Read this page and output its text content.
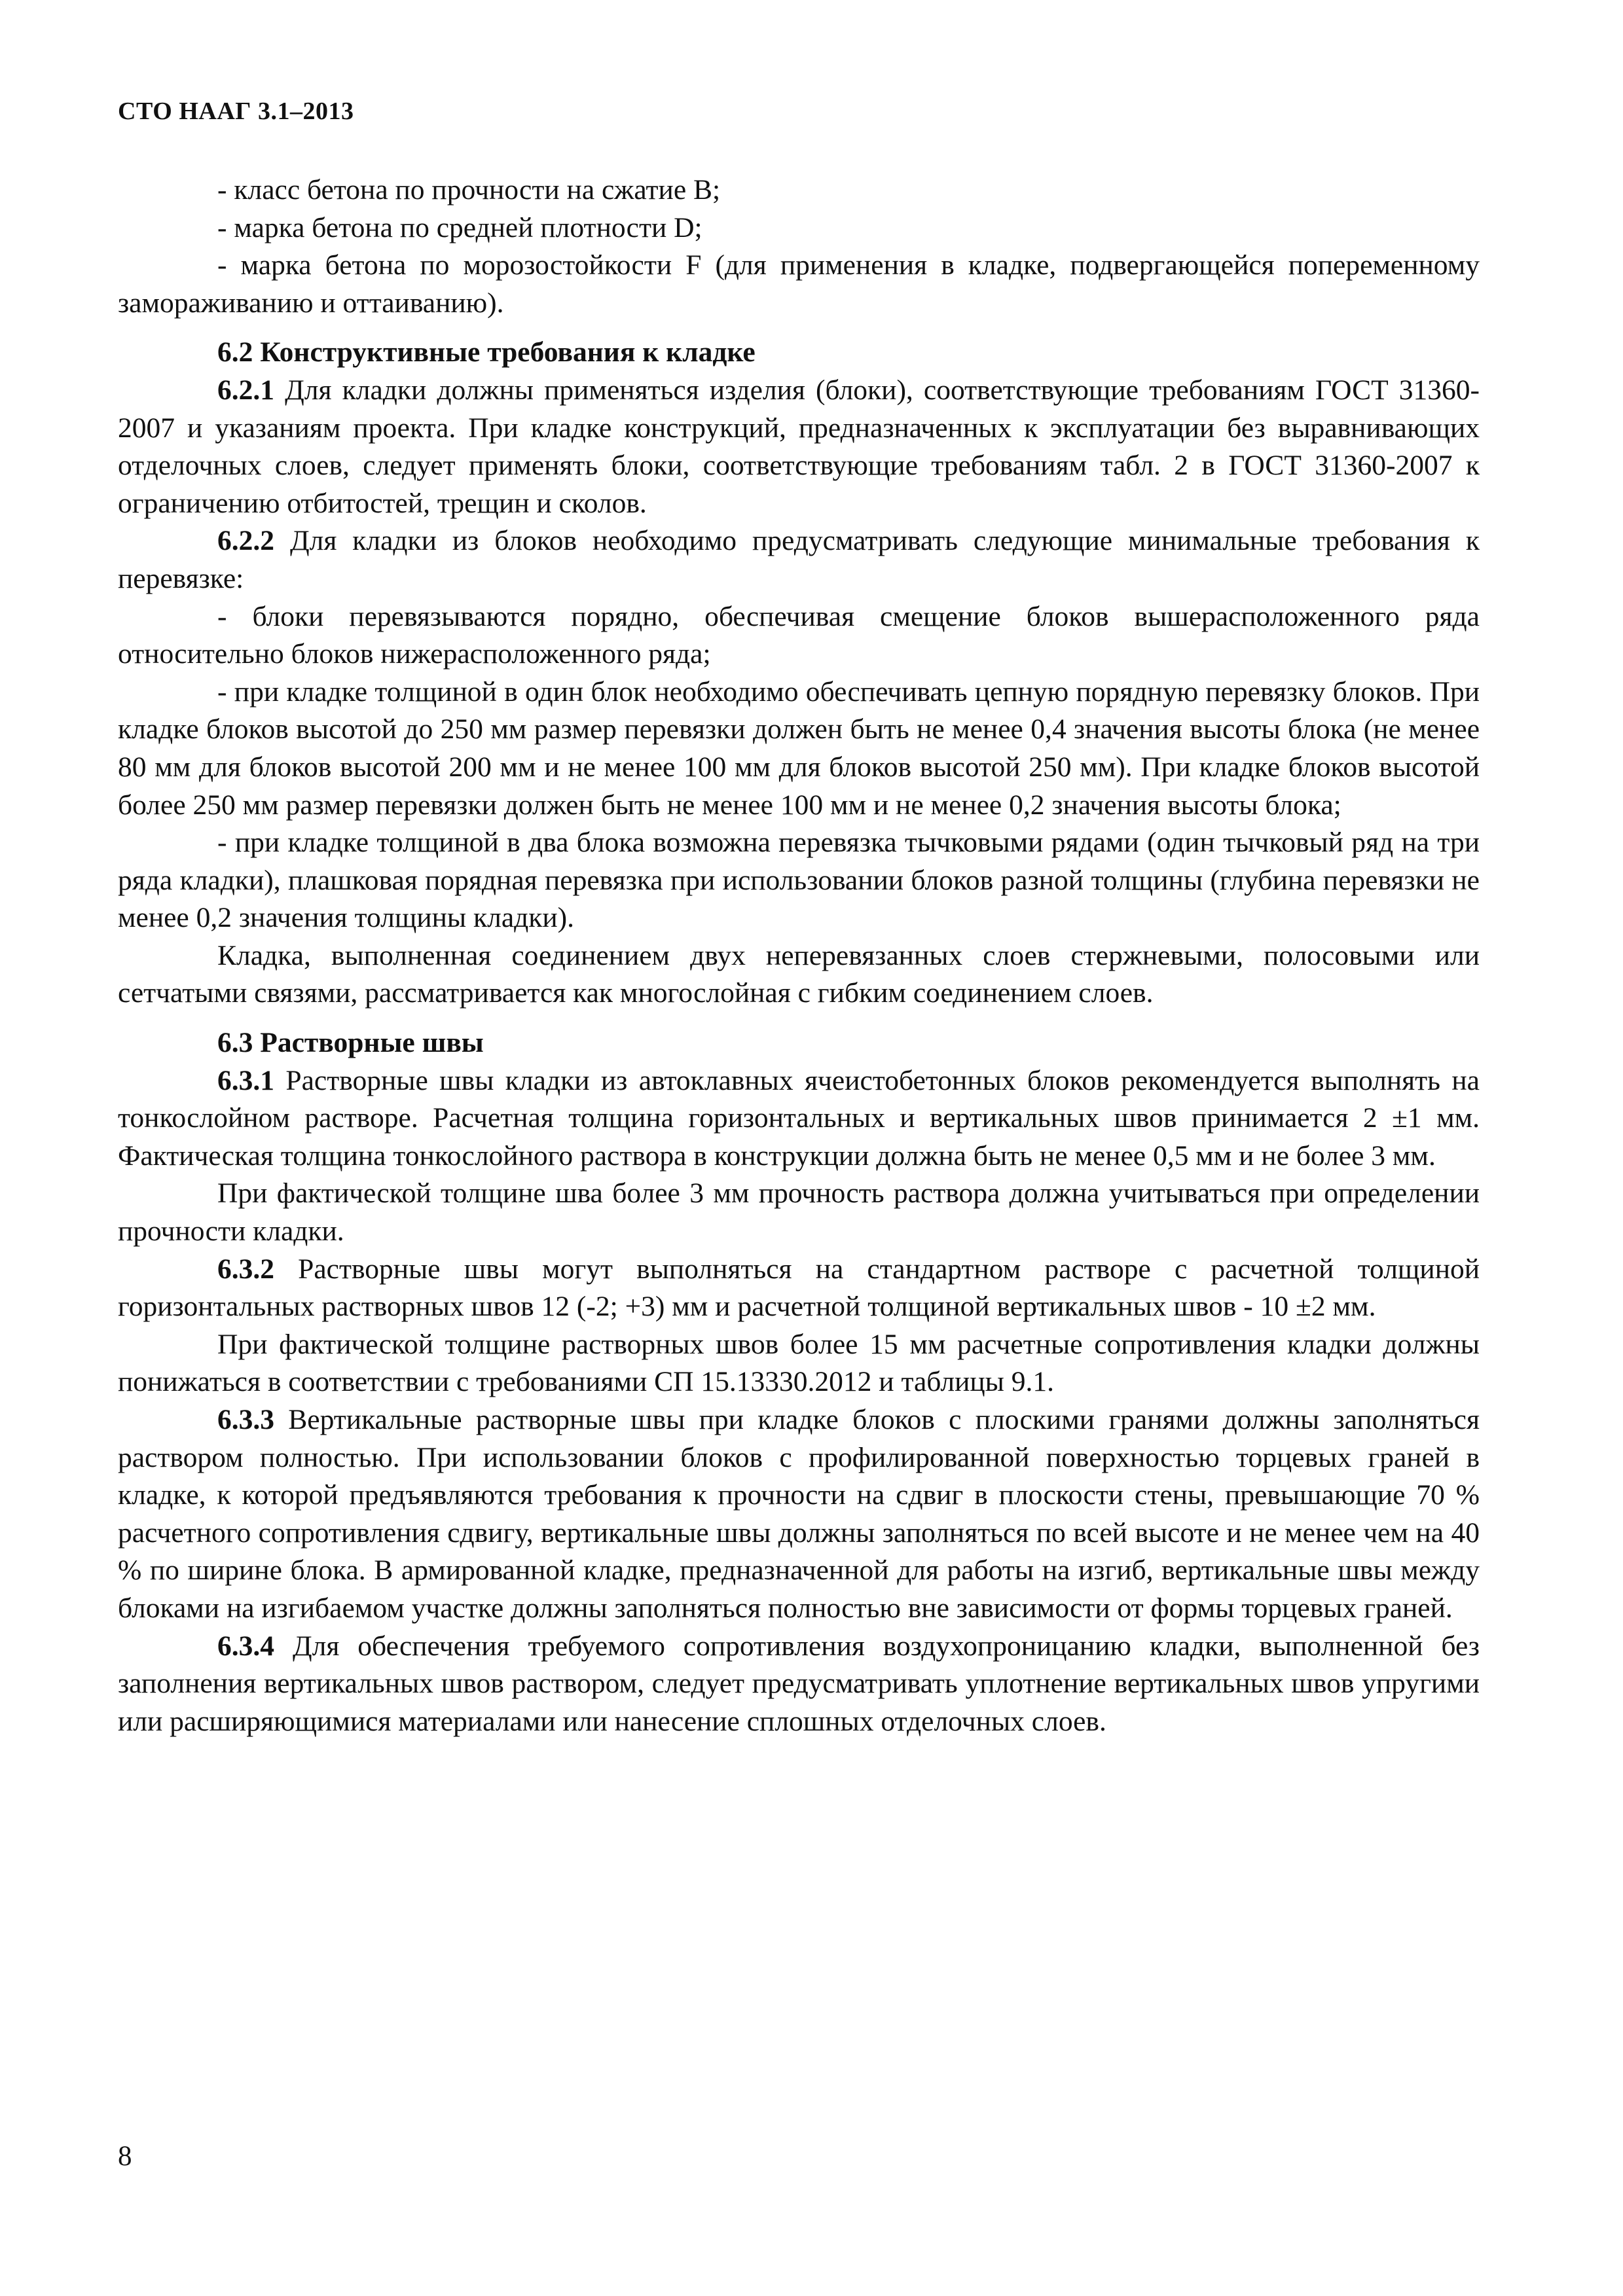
СТО НААГ 3.1–2013

- класс бетона по прочности на сжатие В;

- марка бетона по средней плотности D;

- марка бетона по морозостойкости F (для применения в кладке, подвергающейся попеременному замораживанию и оттаиванию).

6.2 Конструктивные требования к кладке

6.2.1 Для кладки должны применяться изделия (блоки), соответствующие требованиям ГОСТ 31360-2007 и указаниям проекта. При кладке конструкций, предназначенных к эксплуатации без выравнивающих отделочных слоев, следует применять блоки, соответствующие требованиям табл. 2 в ГОСТ 31360-2007 к ограничению отбитостей, трещин и сколов.

6.2.2 Для кладки из блоков необходимо предусматривать следующие минимальные требования к перевязке:

- блоки перевязываются порядно, обеспечивая смещение блоков вышерасположенного ряда относительно блоков нижерасположенного ряда;

- при кладке толщиной в один блок необходимо обеспечивать цепную порядную перевязку блоков. При кладке блоков высотой до 250 мм размер перевязки должен быть не менее 0,4 значения высоты блока (не менее 80 мм для блоков высотой 200 мм и не менее 100 мм для блоков высотой 250 мм). При кладке блоков высотой более 250 мм размер перевязки должен быть не менее 100 мм и не менее 0,2 значения высоты блока;

- при кладке толщиной в два блока возможна перевязка тычковыми рядами (один тычковый ряд на три ряда кладки), плашковая порядная перевязка при использовании блоков разной толщины (глубина перевязки не менее 0,2 значения толщины кладки).

Кладка, выполненная соединением двух неперевязанных слоев стержневыми, полосовыми или сетчатыми связями, рассматривается как многослойная с гибким соединением слоев.

6.3 Растворные швы

6.3.1 Растворные швы кладки из автоклавных ячеистобетонных блоков рекомендуется выполнять на тонкослойном растворе. Расчетная толщина горизонтальных и вертикальных швов принимается 2 ±1 мм. Фактическая толщина тонкослойного раствора в конструкции должна быть не менее 0,5 мм и не более 3 мм.

При фактической толщине шва более 3 мм прочность раствора должна учитываться при определении прочности кладки.

6.3.2 Растворные швы могут выполняться на стандартном растворе с расчетной толщиной горизонтальных растворных швов 12 (-2; +3) мм и расчетной толщиной вертикальных швов - 10 ±2 мм.

При фактической толщине растворных швов более 15 мм расчетные сопротивления кладки должны понижаться в соответствии с требованиями СП 15.13330.2012 и таблицы 9.1.

6.3.3 Вертикальные растворные швы при кладке блоков с плоскими гранями должны заполняться раствором полностью. При использовании блоков с профилированной поверхностью торцевых граней в кладке, к которой предъявляются требования к прочности на сдвиг в плоскости стены, превышающие 70 % расчетного сопротивления сдвигу, вертикальные швы должны заполняться по всей высоте и не менее чем на 40 % по ширине блока. В армированной кладке, предназначенной для работы на изгиб, вертикальные швы между блоками на изгибаемом участке должны заполняться полностью вне зависимости от формы торцевых граней.

6.3.4 Для обеспечения требуемого сопротивления воздухопроницанию кладки, выполненной без заполнения вертикальных швов раствором, следует предусматривать уплотнение вертикальных швов упругими или расширяющимися материалами или нанесение сплошных отделочных слоев.

8
